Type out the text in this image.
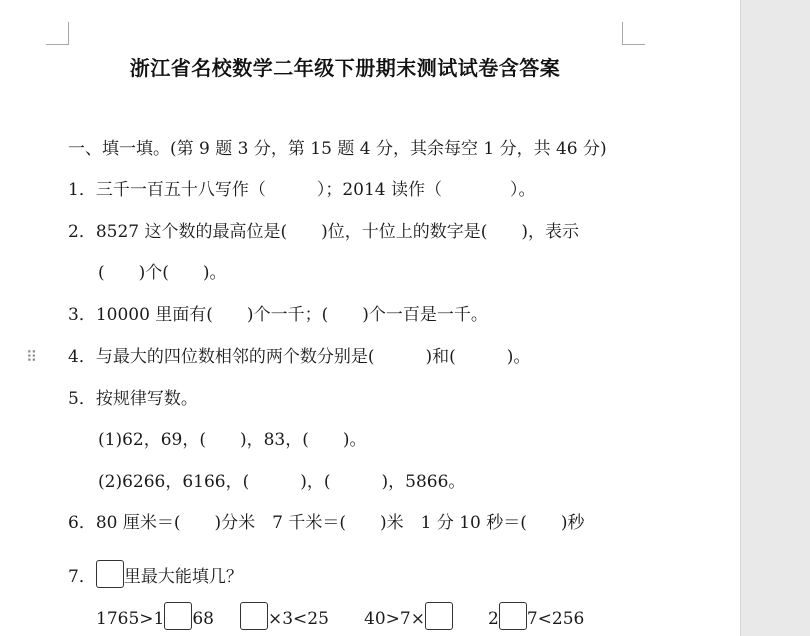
浙江省名校数学二年级下册期末测试试卷含答案
一、填一填。(第 9 题 3 分，第 15 题 4 分，其余每空 1 分，共 46 分)
1．三千一百五十八写作（　　　）；2014 读作（　　　　）。
2．8527 这个数的最高位是(　　)位，十位上的数字是(　　)，表示
(　　)个(　　)。
3．10000 里面有(　　)个一千；(　　)个一百是一千。
⠿ 4．与最大的四位数相邻的两个数分别是(　　　)和(　　　)。
5．按规律写数。
(1)62，69，(　　)，83，(　　)。
(2)6266，6166，(　　　)，(　　　)，5866。
6．80 厘米＝(　　)分米　7 千米＝(　　)米　1 分 10 秒＝(　　)秒
7． 里最大能填几？
1765>1 68	×3<25 40>7×	2 7<256
